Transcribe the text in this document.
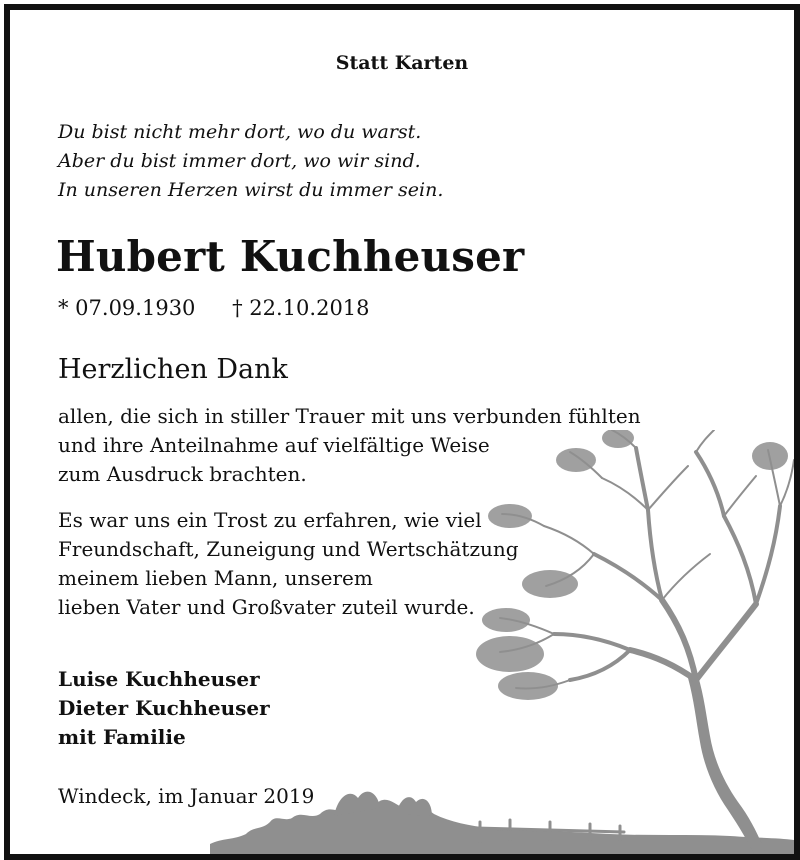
Statt Karten
Du bist nicht mehr dort, wo du warst.
Aber du bist immer dort, wo wir sind.
In unseren Herzen wirst du immer sein.
Hubert Kuchheuser
* 07.09.1930 † 22.10.2018
Herzlichen Dank
allen, die sich in stiller Trauer mit uns verbunden fühlten
und ihre Anteilnahme auf vielfältige Weise
zum Ausdruck brachten.
Es war uns ein Trost zu erfahren, wie viel
Freundschaft, Zuneigung und Wertschätzung
meinem lieben Mann, unserem
lieben Vater und Großvater zuteil wurde.
Luise Kuchheuser
Dieter Kuchheuser
mit Familie
Windeck, im Januar 2019
